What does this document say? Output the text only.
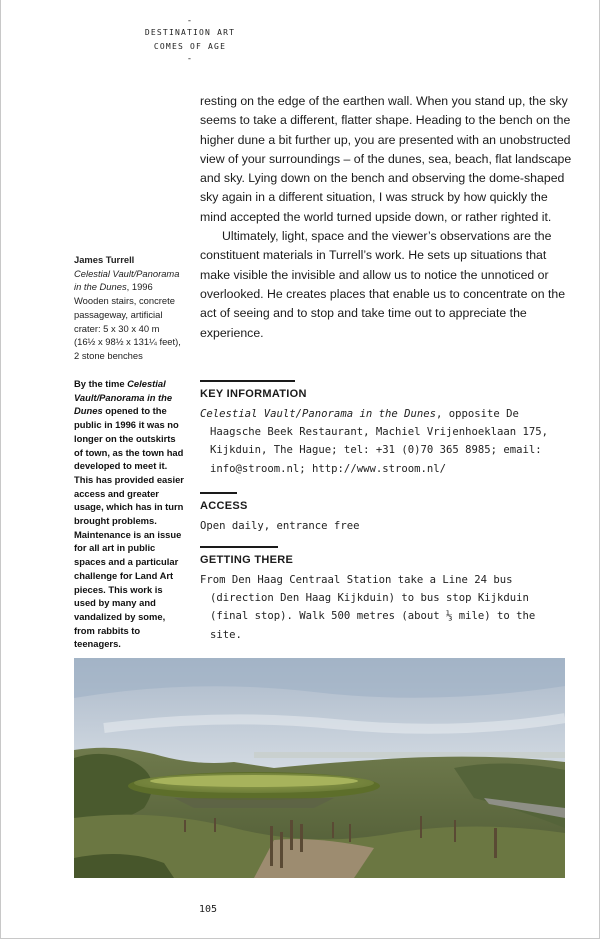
-
DESTINATION ART
COMES OF AGE
-

resting on the edge of the earthen wall. When you stand up, the sky seems to take a different, flatter shape. Heading to the bench on the higher dune a bit further up, you are presented with an unobstructed view of your surroundings – of the dunes, sea, beach, flat landscape and sky. Lying down on the bench and observing the dome-shaped sky again in a different situation, I was struck by how quickly the mind accepted the world turned upside down, or rather righted it.

Ultimately, light, space and the viewer’s observations are the constituent materials in Turrell’s work. He sets up situations that make visible the invisible and allow us to notice the unnoticed or overlooked. He creates places that enable us to concentrate on the act of seeing and to stop and take time out to appreciate the experience.

James Turrell
Celestial Vault/Panorama in the Dunes, 1996
Wooden stairs, concrete passageway, artificial crater: 5 x 30 x 40 m (16½ x 98½ x 131¼ feet), 2 stone benches
By the time Celestial Vault/Panorama in the Dunes opened to the public in 1996 it was no longer on the outskirts of town, as the town had developed to meet it. This has provided easier access and greater usage, which has in turn brought problems. Maintenance is an issue for all art in public spaces and a particular challenge for Land Art pieces. This work is used by many and vandalized by some, from rabbits to teenagers.
KEY INFORMATION

Celestial Vault/Panorama in the Dunes, opposite De Haagsche Beek Restaurant, Machiel Vrijenhoeklaan 175, Kijkduin, The Hague; tel: +31 (0)70 365 8985; email: info@stroom.nl; http://www.stroom.nl/

ACCESS

Open daily, entrance free

GETTING THERE

From Den Haag Centraal Station take a Line 24 bus (direction Den Haag Kijkduin) to bus stop Kijkduin (final stop). Walk 500 metres (about ⅓ mile) to the site.

105
